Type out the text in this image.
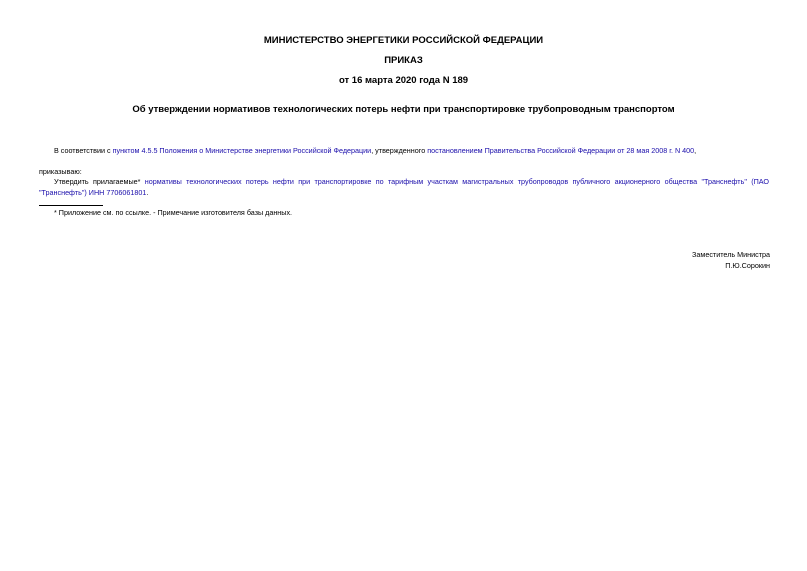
МИНИСТЕРСТВО ЭНЕРГЕТИКИ РОССИЙСКОЙ ФЕДЕРАЦИИ
ПРИКАЗ
от 16 марта 2020 года N 189
Об утверждении нормативов технологических потерь нефти при транспортировке трубопроводным транспортом
В соответствии с пунктом 4.5.5 Положения о Министерстве энергетики Российской Федерации, утвержденного постановлением Правительства Российской Федерации от 28 мая 2008 г. N 400,
приказываю:
Утвердить прилагаемые* нормативы технологических потерь нефти при транспортировке по тарифным участкам магистральных трубопроводов публичного акционерного общества "Транснефть" (ПАО "Транснефть") ИНН 7706061801.
* Приложение см. по ссылке. - Примечание изготовителя базы данных.
Заместитель Министра
П.Ю.Сорокин
